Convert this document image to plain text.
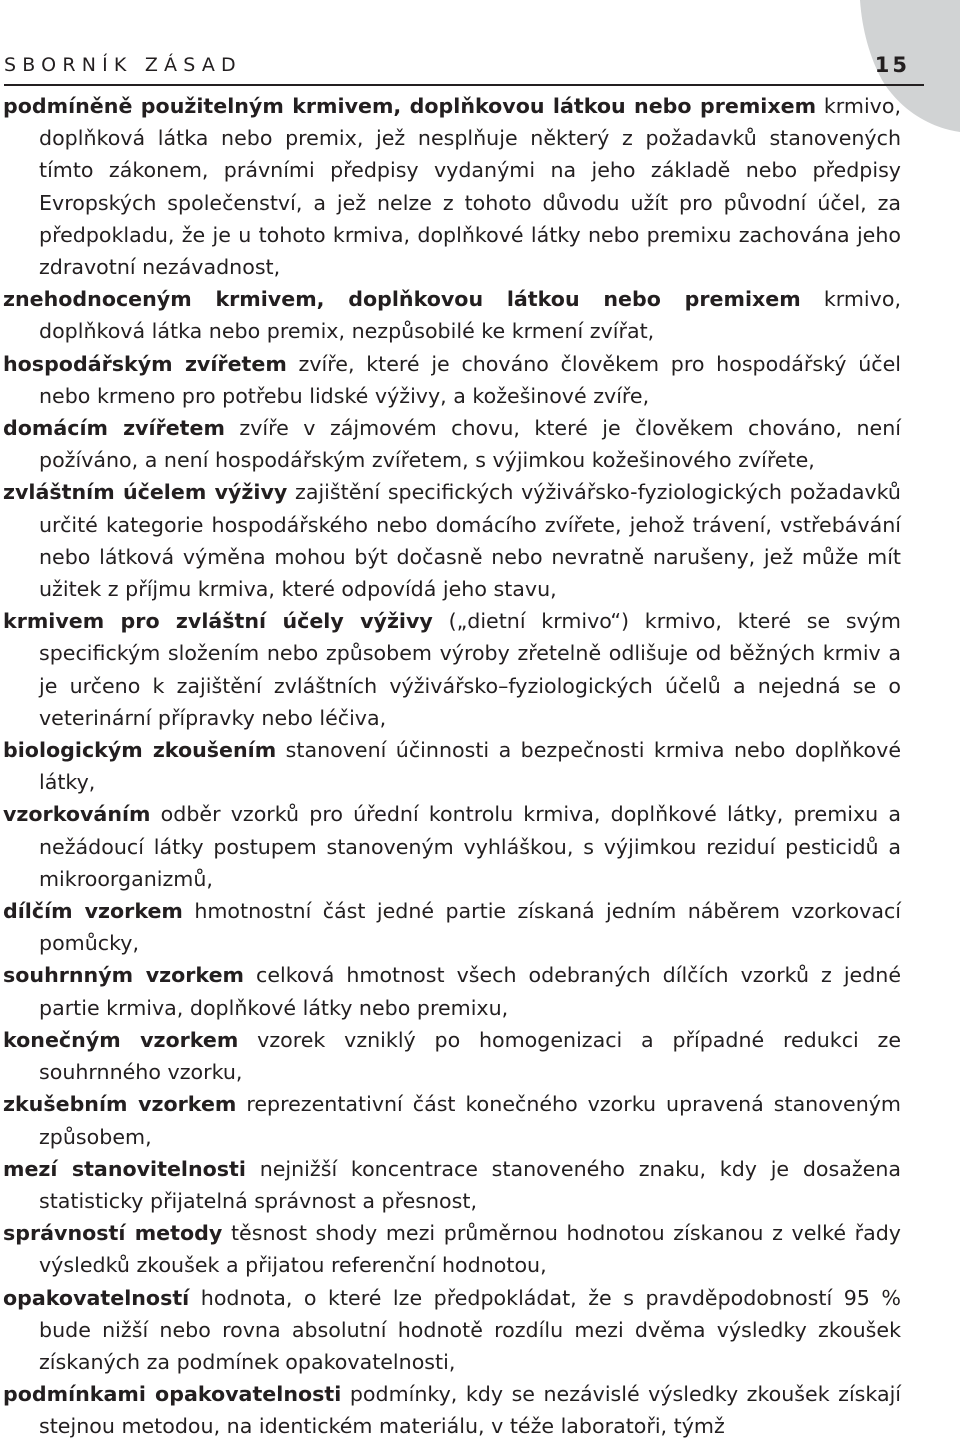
SBORNÍK ZÁSAD	15
podmíněně použitelným krmivem, doplňkovou látkou nebo premixem krmivo, doplňková látka nebo premix, jež nesplňuje některý z požadavků stanovených tímto zákonem, právními předpisy vydanými na jeho základě nebo předpisy Evropských společenství, a jež nelze z tohoto důvodu užít pro původní účel, za předpokladu, že je u tohoto krmiva, doplňkové látky nebo premixu zachována jeho zdravotní nezávadnost,
znehodnoceným krmivem, doplňkovou látkou nebo premixem krmivo, doplňková látka nebo premix, nezpůsobilé ke krmení zvířat,
hospodářským zvířetem zvíře, které je chováno člověkem pro hospodářský účel nebo krmeno pro potřebu lidské výživy, a kožešinové zvíře,
domácím zvířetem zvíře v zájmovém chovu, které je člověkem chováno, není požíváno, a není hospodářským zvířetem, s výjimkou kožešinového zvířete,
zvláštním účelem výživy zajištění specifických výživářsko-fyziologických požadavků určité kategorie hospodářského nebo domácího zvířete, jehož trávení, vstřebávání nebo látková výměna mohou být dočasně nebo nevratně narušeny, jež může mít užitek z příjmu krmiva, které odpovídá jeho stavu,
krmivem pro zvláštní účely výživy („dietní krmivo“) krmivo, které se svým specifickým složením nebo způsobem výroby zřetelně odlišuje od běžných krmiv a je určeno k zajištění zvláštních výživářsko–fyziologických účelů a nejedná se o veterinární přípravky nebo léčiva,
biologickým zkoušením stanovení účinnosti a bezpečnosti krmiva nebo doplňkové látky,
vzorkováním odběr vzorků pro úřední kontrolu krmiva, doplňkové látky, premixu a nežádoucí látky postupem stanoveným vyhláškou, s výjimkou reziduí pesticidů a mikroorganizmů,
dílčím vzorkem hmotnostní část jedné partie získaná jedním náběrem vzorkovací pomůcky,
souhrnným vzorkem celková hmotnost všech odebraných dílčích vzorků z jedné partie krmiva, doplňkové látky nebo premixu,
konečným vzorkem vzorek vzniklý po homogenizaci a případné redukci ze souhrnného vzorku,
zkušebním vzorkem reprezentativní část konečného vzorku upravená stanoveným způsobem,
mezí stanovitelnosti nejnižší koncentrace stanoveného znaku, kdy je dosažena statisticky přijatelná správnost a přesnost,
správností metody těsnost shody mezi průměrnou hodnotou získanou z velké řady výsledků zkoušek a přijatou referenční hodnotou,
opakovatelností hodnota, o které lze předpokládat, že s pravděpodobností 95 % bude nižší nebo rovna absolutní hodnotě rozdílu mezi dvěma výsledky zkoušek získaných za podmínek opakovatelnosti,
podmínkami opakovatelnosti podmínky, kdy se nezávislé výsledky zkoušek získají stejnou metodou, na identickém materiálu, v téže laboratoři, týmž
